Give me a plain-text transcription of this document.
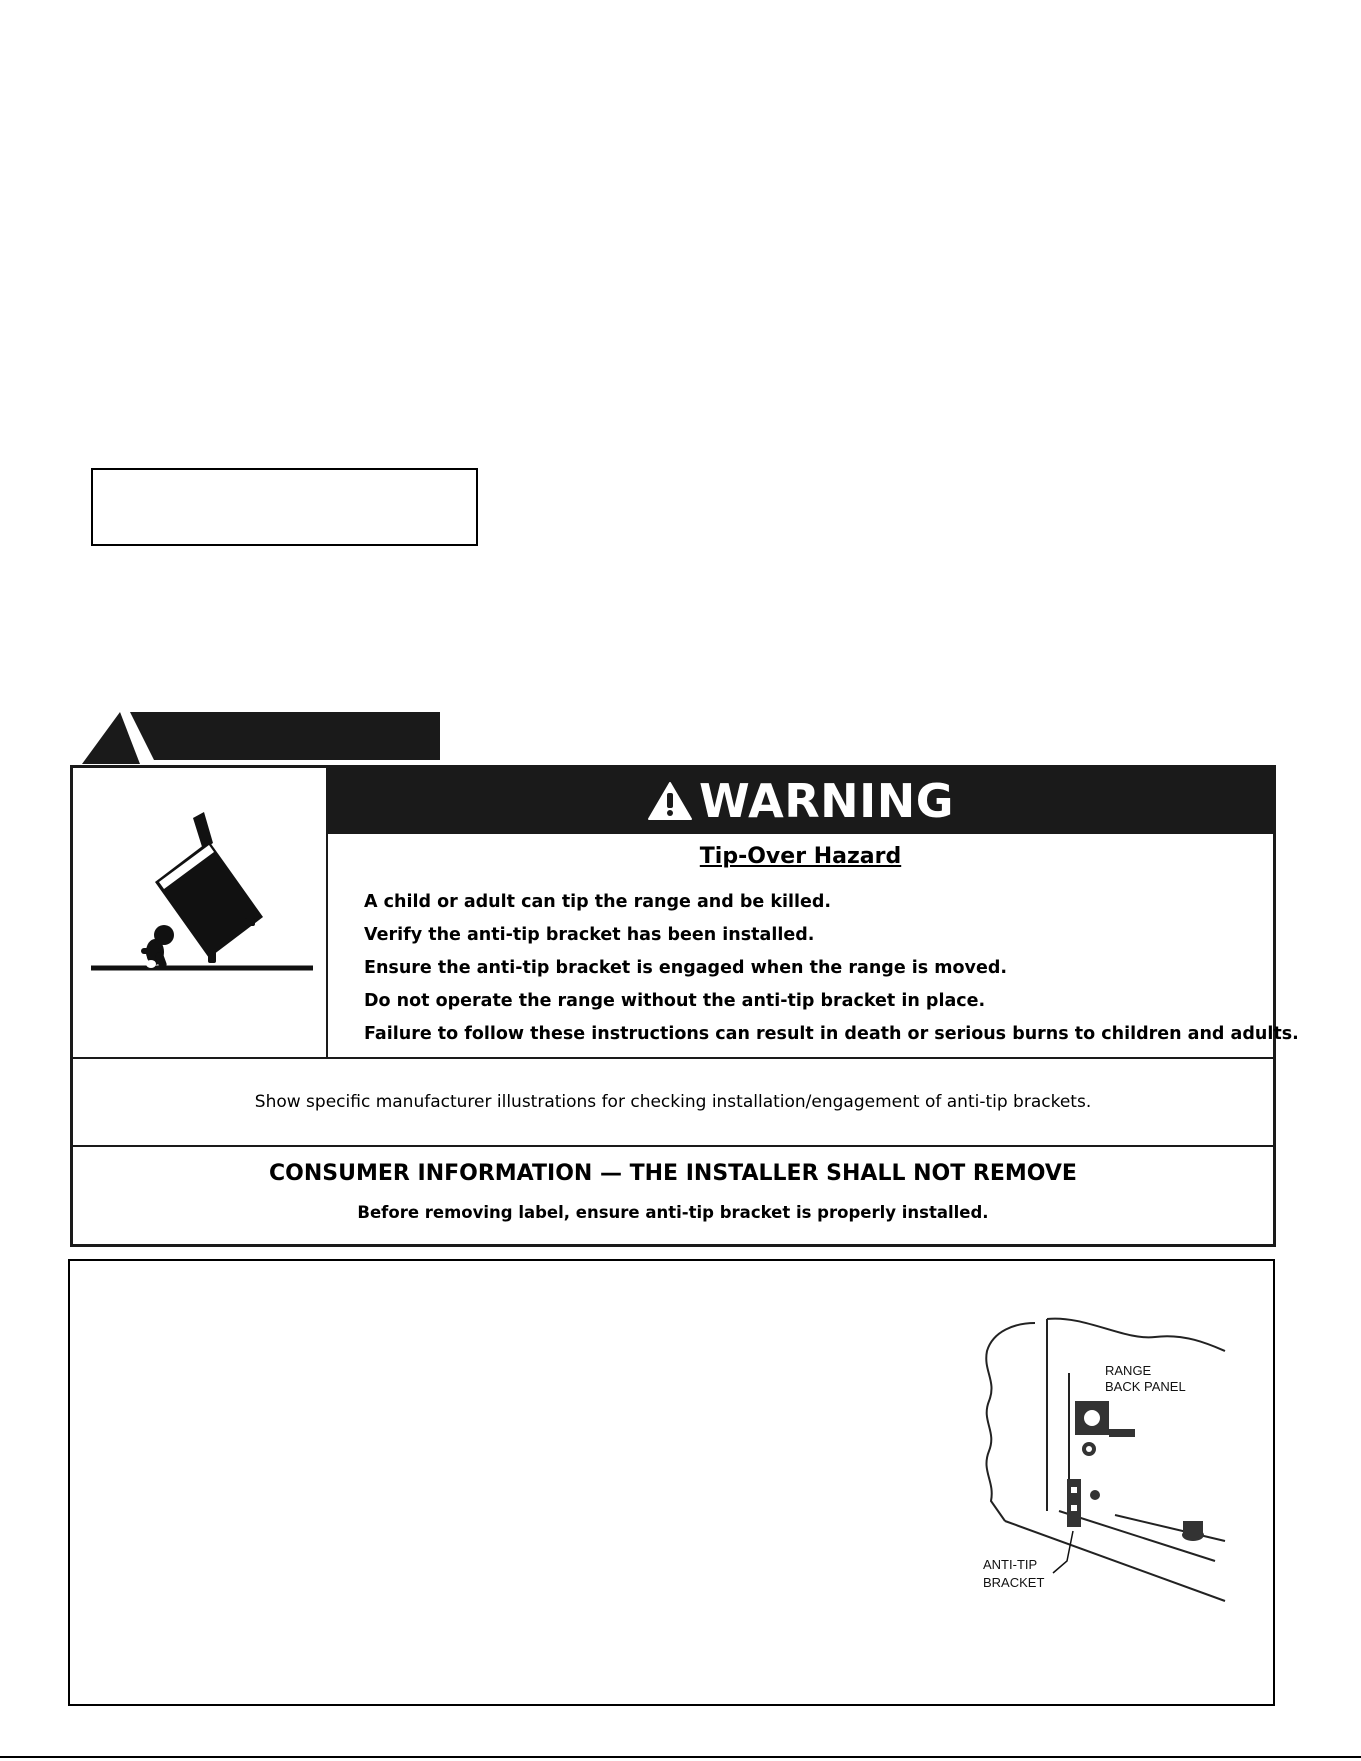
WARNING
Tip-Over Hazard
A child or adult can tip the range and be killed.
Verify the anti-tip bracket has been installed.
Ensure the anti-tip bracket is engaged when the range is moved.
Do not operate the range without the anti-tip bracket in place.
Failure to follow these instructions can result in death or serious burns to children and adults.
Show specific manufacturer illustrations for checking installation/engagement of anti-tip brackets.
CONSUMER INFORMATION — THE INSTALLER SHALL NOT REMOVE
Before removing label, ensure anti-tip bracket is properly installed.
RANGE
BACK PANEL
ANTI-TIP
BRACKET
